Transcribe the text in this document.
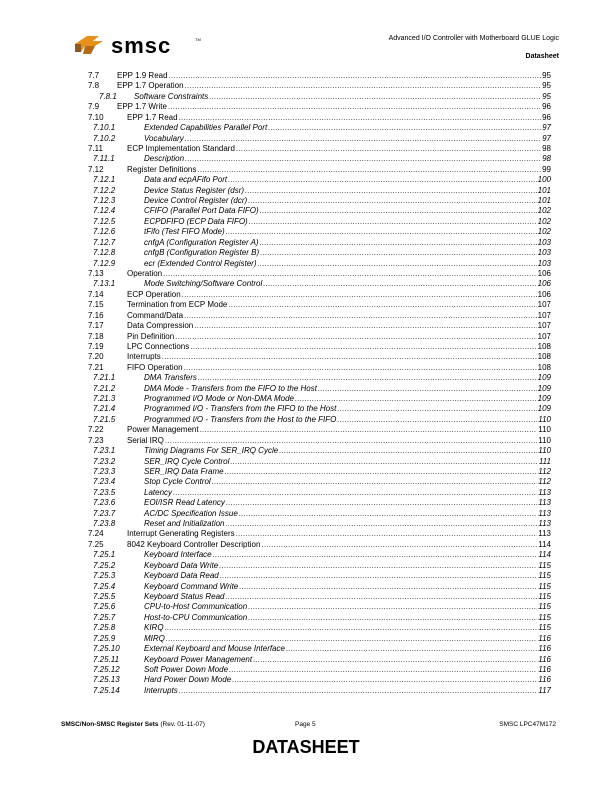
smsc	TM	Advanced I/O Controller with Motherboard GLUE Logic
Datasheet
7.7 EPP 1.9 Read .....	95
7.8 EPP 1.7 Operation .....	95
7.8.1 Software Constraints .....	95
7.9 EPP 1.7 Write .....	96
7.10	EPP 1.7 Read .....	96
7.10.1	Extended Capabilities Parallel Port .....	97
7.10.2	Vocabulary .....	97
7.11	ECP Implementation Standard .....	98
7.11.1	Description .....	98
7.12	Register Definitions .....	99
7.12.1	Data and ecpAFifo Port .....	100
7.12.2	Device Status Register (dsr) .....	101
7.12.3	Device Control Register (dcr) .....	101
7.12.4	CFIFO (Parallel Port Data FIFO) .....	102
7.12.5	ECPDFIFO (ECP Data FIFO) .....	102
7.12.6	tFifo (Test FIFO Mode) .....	102
7.12.7	cnfgA (Configuration Register A) .....	103
7.12.8	cnfgB (Configuration Register B) .....	103
7.12.9	ecr (Extended Control Register) .....	103
7.13	Operation .....	106
7.13.1	Mode Switching/Software Control .....	106
7.14	ECP Operation .....	106
7.15	Termination from ECP Mode .....	107
7.16	Command/Data .....	107
7.17	Data Compression .....	107
7.18	Pin Definition .....	107
7.19	LPC Connections .....	108
7.20	Interrupts .....	108
7.21	FIFO Operation .....	108
7.21.1	DMA Transfers .....	109
7.21.2	DMA Mode - Transfers from the FIFO to the Host .....	109
7.21.3	Programmed I/O Mode or Non-DMA Mode .....	109
7.21.4	Programmed I/O - Transfers from the FIFO to the Host .....	109
7.21.5	Programmed I/O - Transfers from the Host to the FIFO .....	110
7.22	Power Management .....	110
7.23	Serial IRQ .....	110
7.23.1	Timing Diagrams For SER_IRQ Cycle .....	110
7.23.2	SER_IRQ Cycle Control .....	111
7.23.3	SER_IRQ Data Frame .....	112
7.23.4	Stop Cycle Control .....	112
7.23.5	Latency .....	113
7.23.6	EOI/ISR Read Latency .....	113
7.23.7	AC/DC Specification Issue .....	113
7.23.8	Reset and Initialization .....	113
7.24	Interrupt Generating Registers .....	113
7.25	8042 Keyboard Controller Description .....	114
7.25.1	Keyboard Interface .....	114
7.25.2	Keyboard Data Write .....	115
7.25.3	Keyboard Data Read .....	115
7.25.4	Keyboard Command Write .....	115
7.25.5	Keyboard Status Read .....	115
7.25.6	CPU-to-Host Communication .....	115
7.25.7	Host-to-CPU Communication .....	115
7.25.8	KIRQ .....	115
7.25.9	MIRQ .....	116
7.25.10	External Keyboard and Mouse Interface .....	116
7.25.11	Keyboard Power Management .....	116
7.25.12	Soft Power Down Mode .....	116
7.25.13	Hard Power Down Mode .....	116
7.25.14	Interrupts .....	117
SMSC/Non-SMSC Register Sets (Rev. 01-11-07)	Page 5	SMSC LPC47M172
DATASHEET
